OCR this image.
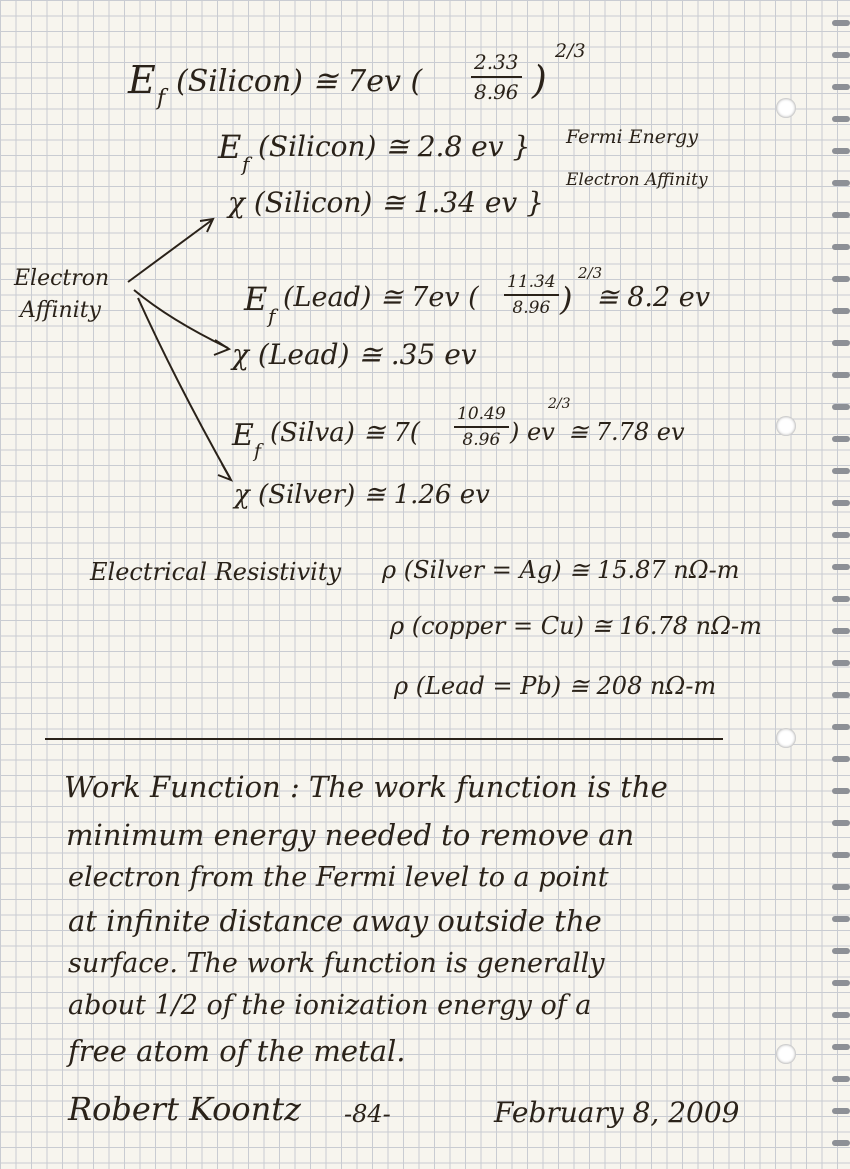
E f (Silicon) ≅ 7ev (
2.33
8.96 )
2/3
E f
(Silicon) ≅ 2.8 ev } Fermi Energy
χ (Silicon) ≅ 1.34 ev }
Electron Affinity
Electron
Affinity	E f
(Lead) ≅ 7ev ( 11.34
8.96 )
2/3
≅ 8.2 ev
χ (Lead) ≅ .35 ev
E f
(Silva) ≅ 7(
10.49
8.96 ) ev
2/3
≅ 7.78 ev
χ (Silver) ≅ 1.26 ev
Electrical Resistivity ρ (Silver = Ag) ≅ 15.87 nΩ-m
ρ (copper = Cu) ≅ 16.78 nΩ-m
ρ (Lead = Pb) ≅ 208 nΩ-m
Work Function : The work function is the
minimum energy needed to remove an
electron from the Fermi level to a point
at infinite distance away outside the
surface. The work function is generally
about 1/2 of the ionization energy of a
free atom of the metal.
Robert Koontz -84-	February 8, 2009
